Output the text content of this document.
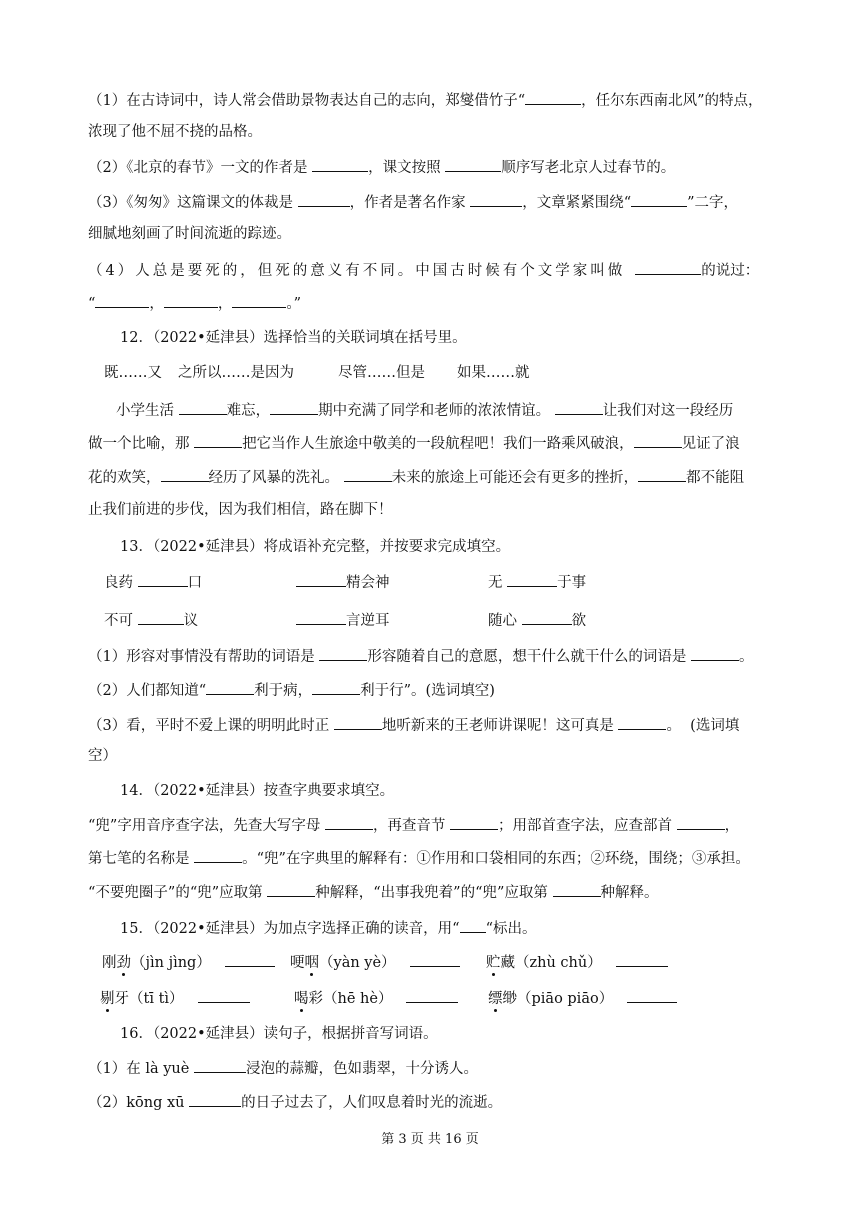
（1）在古诗词中，诗人常会借助景物表达自己的志向，郑燮借竹子“	，任尔东西南北风”的特点，
浓现了他不屈不挠的品格。
（2）《北京的春节》一文的作者是	，课文按照	顺序写老北京人过春节的。
（3）《匆匆》这篇课文的体裁是	，作者是著名作家	，文章紧紧围绕“	”二字，
细腻地刻画了时间流逝的踪迹。
（4）人总是要死的，但死的意义有不同。中国古时候有个文学家叫做	的说过：
“	，	，	。”
12．（2022•延津县）选择恰当的关联词填在括号里。
既……又 之所以……是因为	尽管……但是 如果……就
小学生活	难忘，	期中充满了同学和老师的浓浓情谊。	让我们对这一段经历
做一个比喻，那	把它当作人生旅途中敬美的一段航程吧！我们一路乘风破浪，	见证了浪
花的欢笑，	经历了风暴的洗礼。	未来的旅途上可能还会有更多的挫折，	都不能阻
止我们前进的步伐，因为我们相信，路在脚下！
13．（2022•延津县）将成语补充完整，并按要求完成填空。
良药	口	精会神	无	于事
不可	议	言逆耳	随心	欲
（1）形容对事情没有帮助的词语是	形容随着自己的意愿，想干什么就干什么的词语是	。
（2）人们都知道“	利于病，	利于行”。(选词填空)
（3）看，平时不爱上课的明明此时正	地听新来的王老师讲课呢！这可真是	。  (选词填
空）
14．（2022•延津县）按查字典要求填空。
“兜”字用音序查字法，先查大写字母	，再查音节	；用部首查字法，应查部首	，
第七笔的名称是	。“兜”在字典里的解释有：①作用和口袋相同的东西；②环绕，围绕；③承担。
“不要兜圈子”的“兜”应取第	种解释，“出事我兜着”的“兜”应取第	种解释。
15．（2022•延津县）为加点字选择正确的读音，用“ “标出。
刚劲（jìn jìng）	哽咽（yàn yè）	贮藏（zhù chǔ）
剔牙（tī tì）	喝彩（hē hè）	缥缈（piāo piāo）
16．（2022•延津县）读句子，根据拼音写词语。
（1）在 là yuè	浸泡的蒜瓣，色如翡翠，十分诱人。
（2）kōng xū	的日子过去了，人们叹息着时光的流逝。
第 3 页 共 16 页
